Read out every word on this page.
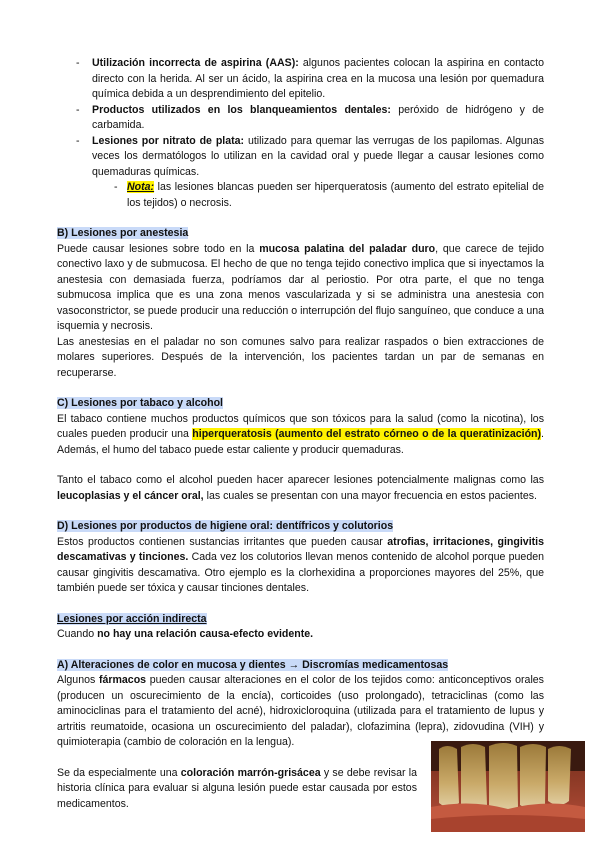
- Utilización incorrecta de aspirina (AAS): algunos pacientes colocan la aspirina en contacto directo con la herida. Al ser un ácido, la aspirina crea en la mucosa una lesión por quemadura química debida a un desprendimiento del epitelio.
- Productos utilizados en los blanqueamientos dentales: peróxido de hidrógeno y de carbamida.
- Lesiones por nitrato de plata: utilizado para quemar las verrugas de los papilomas. Algunas veces los dermatólogos lo utilizan en la cavidad oral y puede llegar a causar lesiones como quemaduras químicas.
- Nota: las lesiones blancas pueden ser hiperqueratosis (aumento del estrato epitelial de los tejidos) o necrosis.
B) Lesiones por anestesia

Puede causar lesiones sobre todo en la mucosa palatina del paladar duro, que carece de tejido conectivo laxo y de submucosa. El hecho de que no tenga tejido conectivo implica que si inyectamos la anestesia con demasiada fuerza, podríamos dar al periostio. Por otra parte, el que no tenga submucosa implica que es una zona menos vascularizada y si se administra una anestesia con vasoconstrictor, se puede producir una reducción o interrupción del flujo sanguíneo, que conduce a una isquemia y necrosis.

Las anestesias en el paladar no son comunes salvo para realizar raspados o bien extracciones de molares superiores. Después de la intervención, los pacientes tardan un par de semanas en recuperarse.

C) Lesiones por tabaco y alcohol

El tabaco contiene muchos productos químicos que son tóxicos para la salud (como la nicotina), los cuales pueden producir una hiperqueratosis (aumento del estrato córneo o de la queratinización). Además, el humo del tabaco puede estar caliente y producir quemaduras.

Tanto el tabaco como el alcohol pueden hacer aparecer lesiones potencialmente malignas como las leucoplasias y el cáncer oral, las cuales se presentan con una mayor frecuencia en estos pacientes.

D) Lesiones por productos de higiene oral: dentífricos y colutorios

Estos productos contienen sustancias irritantes que pueden causar atrofias, irritaciones, gingivitis descamativas y tinciones. Cada vez los colutorios llevan menos contenido de alcohol porque pueden causar gingivitis descamativa. Otro ejemplo es la clorhexidina a proporciones mayores del 25%, que también puede ser tóxica y causar tinciones dentales.

Lesiones por acción indirecta

Cuando no hay una relación causa-efecto evidente.

A) Alteraciones de color en mucosa y dientes → Discromías medicamentosas

Algunos fármacos pueden causar alteraciones en el color de los tejidos como: anticonceptivos orales (producen un oscurecimiento de la encía), corticoides (uso prolongado), tetraciclinas (como las aminociclinas para el tratamiento del acné), hidroxicloroquina (utilizada para el tratamiento de lupus y artritis reumatoide, ocasiona un oscurecimiento del paladar), clofazimina (lepra), zidovudina (VIH) y quimioterapia (cambio de coloración en la lengua).

Se da especialmente una coloración marrón-grisácea y se debe revisar la historia clínica para evaluar si alguna lesión puede estar causada por estos medicamentos.
